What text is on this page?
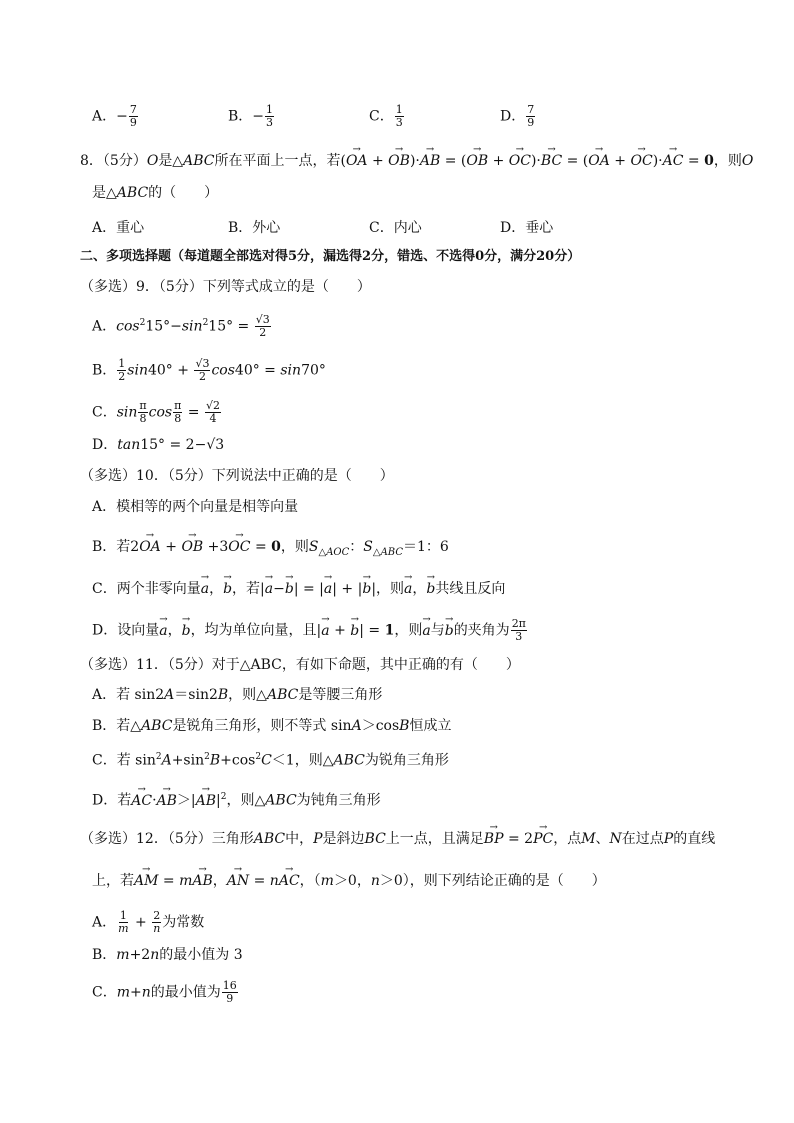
A．− $\frac{7}{9}$	B．− $\frac{1}{3}$	C． $\frac{1}{3}$	D． $\frac{7}{9}$
8．（5分）O是△ABC所在平面上一点，若(→ OA + → OB)·→ AB = (→ OB + → OC)·→ BC = (→ OA + → OC)·→ AC = 0，则O
是△ABC的（　　）
A．重心	B．外心	C．内心	D．垂心
二、多项选择题（每道题全部选对得5分，漏选得2分，错选、不选得0分，满分20分）
（多选）9．（5分）下列等式成立的是（　　）
A．$\cos^215^\circ-\sin^215^\circ = \frac{√3}{2}$
B． $\frac{1}{2} \sin 40^\circ + \frac{√3}{2} \cos 40^\circ = \sin 70^\circ$
C．$\sin \frac{\pi}{8}$ $\cos \frac{\pi}{8} = \frac{√2}{4}$
D．tan15° = 2−√3
（多选）10．（5分）下列说法中正确的是（　　）
A．模相等的两个向量是相等向量
B．若2→ OA + → OB +3→ OC = 0，则$S_{\triangle AOC}$：$S_{\triangle ABC}=1$：6
C．两个非零向量→ a，→ b，若|→ a−→ b| = |→ a| + |→ b|，则→ a，→ b共线且反向
D．设向量→ a，→ b，均为单位向量，且|→ a + → b| = 1，则→ a与→ b的夹角为 $\frac{2\pi}{3}$
（多选）11．（5分）对于△ABC，有如下命题，其中正确的有（　　）
A．若 sin2A＝sin2B，则△ABC是等腰三角形
B．若△ABC是锐角三角形，则不等式 sinA＞cosB恒成立
C．若 $\sin^2A+\sin^2B+\cos^2C<1$，则△ABC为锐角三角形
D．若→ $AC\cdot\to AB>|\to AB|^2$，则△ABC为钝角三角形
（多选）12．（5分）三角形ABC中，P是斜边BC上一点，且满足→ BP = 2→ PC，点M、N在过点P的直线
上，若→ AM = m→ AB，→ AN = n→ AC，（m＞0，n＞0），则下列结论正确的是（　　）
A． $\frac{1}{m} + \frac{2}{n}$ 为常数
B．m+2n的最小值为 3
C．m+n的最小值为 $\frac{16}{9}$
